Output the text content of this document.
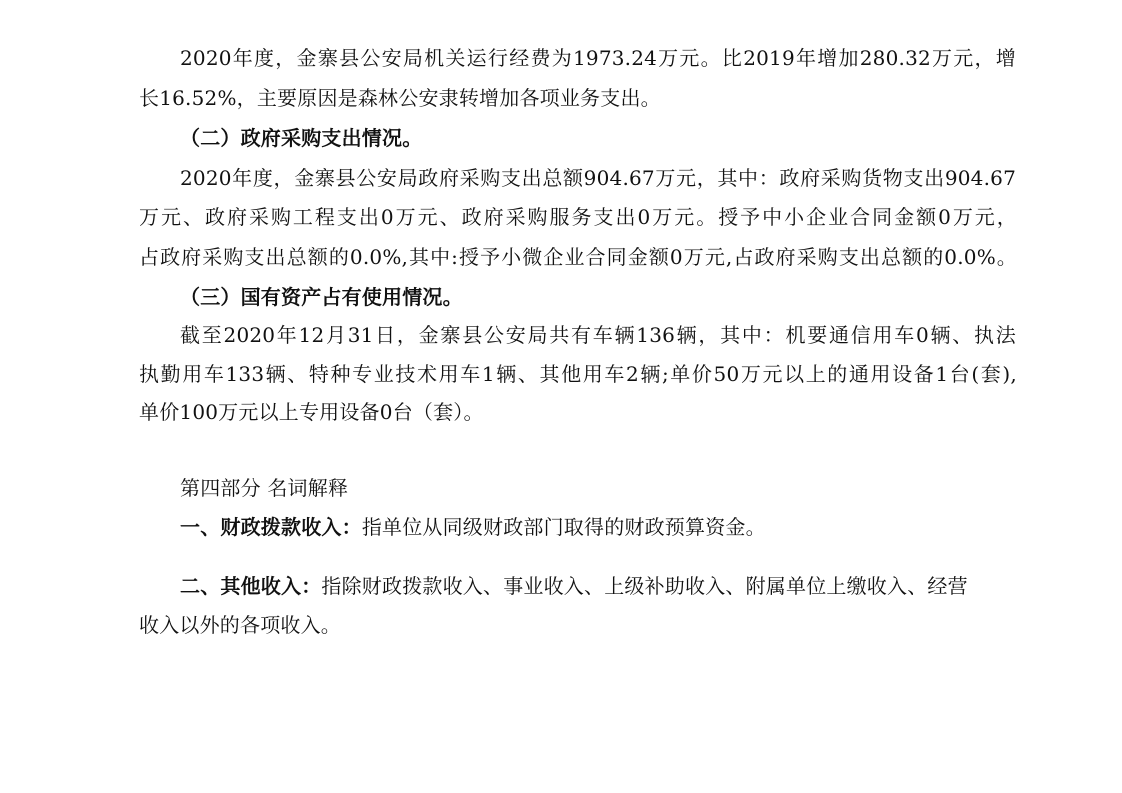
2020年度，金寨县公安局机关运行经费为1973.24万元。比2019年增加280.32万元，增
长16.52%，主要原因是森林公安隶转增加各项业务支出。
（二）政府采购支出情况。
2020年度，金寨县公安局政府采购支出总额904.67万元，其中：政府采购货物支出904.67
万元、政府采购工程支出0万元、政府采购服务支出0万元。授予中小企业合同金额0万元，
占政府采购支出总额的0.0%,其中:授予小微企业合同金额0万元,占政府采购支出总额的0.0%。
（三）国有资产占有使用情况。
截至2020年12月31日，金寨县公安局共有车辆136辆，其中：机要通信用车0辆、执法
执勤用车133辆、特种专业技术用车1辆、其他用车2辆;单价50万元以上的通用设备1台(套),
单价100万元以上专用设备0台（套）。
第四部分 名词解释
一、财政拨款收入：指单位从同级财政部门取得的财政预算资金。
二、其他收入：指除财政拨款收入、事业收入、上级补助收入、附属单位上缴收入、经营
收入以外的各项收入。
